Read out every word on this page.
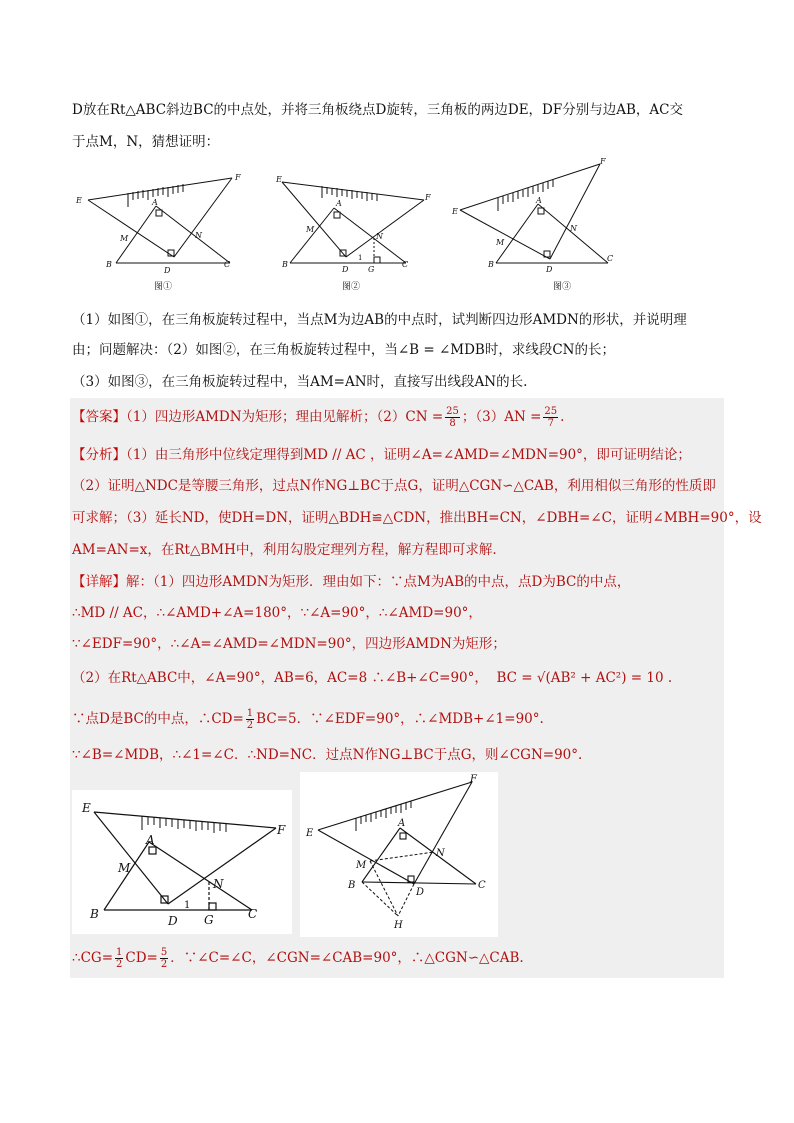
D放在Rt△ABC斜边BC的中点处，并将三角板绕点D旋转，三角板的两边DE，DF分别与边AB，AC交
于点M，N，猜想证明：
E
F
A
M	N
B
D
C
图①
E
F
A
M
N
B
D G
C
1
图②
E
F
A
M
N
B
D
C
图③
（1）如图①，在三角板旋转过程中，当点M为边AB的中点时，试判断四边形AMDN的形状，并说明理
由；问题解决：（2）如图②，在三角板旋转过程中，当∠B = ∠MDB时，求线段CN的长；
（3）如图③，在三角板旋转过程中，当AM=AN时，直接写出线段AN的长.
【答案】（1）四边形AMDN为矩形；理由见解析；$(2)CN = \frac{25}{8}$ ；$(3)AN = \frac{25}{7}$ .
【分析】（1）由三角形中位线定理得到MD // AC ，证明∠A=∠AMD=∠MDN=90°，即可证明结论；
（2）证明△NDC是等腰三角形，过点N作NG⊥BC于点G，证明△CGN∽△CAB，利用相似三角形的性质即
可求解；（3）延长ND，使DH=DN，证明△BDH≌△CDN，推出BH=CN，∠DBH=∠C，证明∠MBH=90°，设
AM=AN=x，在Rt△BMH中，利用勾股定理列方程，解方程即可求解.
【详解】解：（1）四边形AMDN为矩形．理由如下：∵点M为AB的中点，点D为BC的中点，
∴MD // AC，∴∠AMD+∠A=180°，∵∠A=90°，∴∠AMD=90°，
∵∠EDF=90°，∴∠A=∠AMD=∠MDN=90°，四边形AMDN为矩形；
（2）在Rt△ABC中，∠A=90°，AB=6，AC=8 ∴∠B+∠C=90°， BC = √(AB² + AC²) = 10 .
∵点D是BC的中点，∴CD= $\frac{1}{2} BC=5$．∵∠EDF=90°，∴∠MDB+∠1=90°.
∵∠B=∠MDB，∴∠1=∠C．∴ND=NC．过点N作NG⊥BC于点G，则∠CGN=90°.
E
F
A
M
N
B	D G	C
1
E
F
A
M
N
B
D
C
H
∴CG= $\frac{1}{2} CD= \frac{5}{2}$ ．∵∠C=∠C，∠CGN=∠CAB=90°，∴△CGN∽△CAB.
